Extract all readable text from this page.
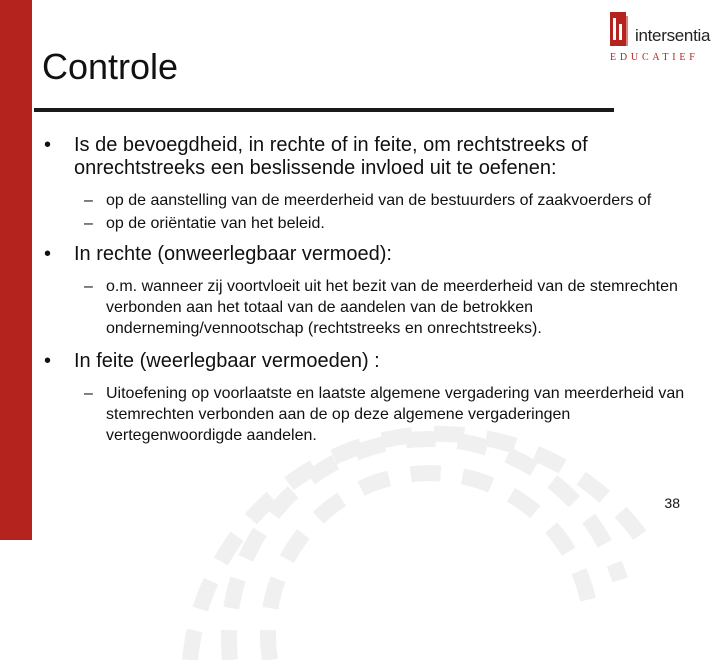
intersentia
EDUCATIEF
Controle
• Is de bevoegdheid, in rechte of in feite, om rechtstreeks of onrechtstreeks een beslissende invloed uit te oefenen:
– op de aanstelling van de meerderheid van de bestuurders of zaakvoerders of
– op de oriëntatie van het beleid.
• In rechte (onweerlegbaar vermoed):
– o.m. wanneer zij voortvloeit uit het bezit van de meerderheid van de stemrechten verbonden aan het totaal van de aandelen van de betrokken onderneming/vennootschap (rechtstreeks en onrechtstreeks).
• In feite (weerlegbaar vermoeden) :
– Uitoefening op voorlaatste en laatste algemene vergadering van meerderheid van stemrechten verbonden aan de op deze algemene vergaderingen vertegenwoordigde aandelen.
38
